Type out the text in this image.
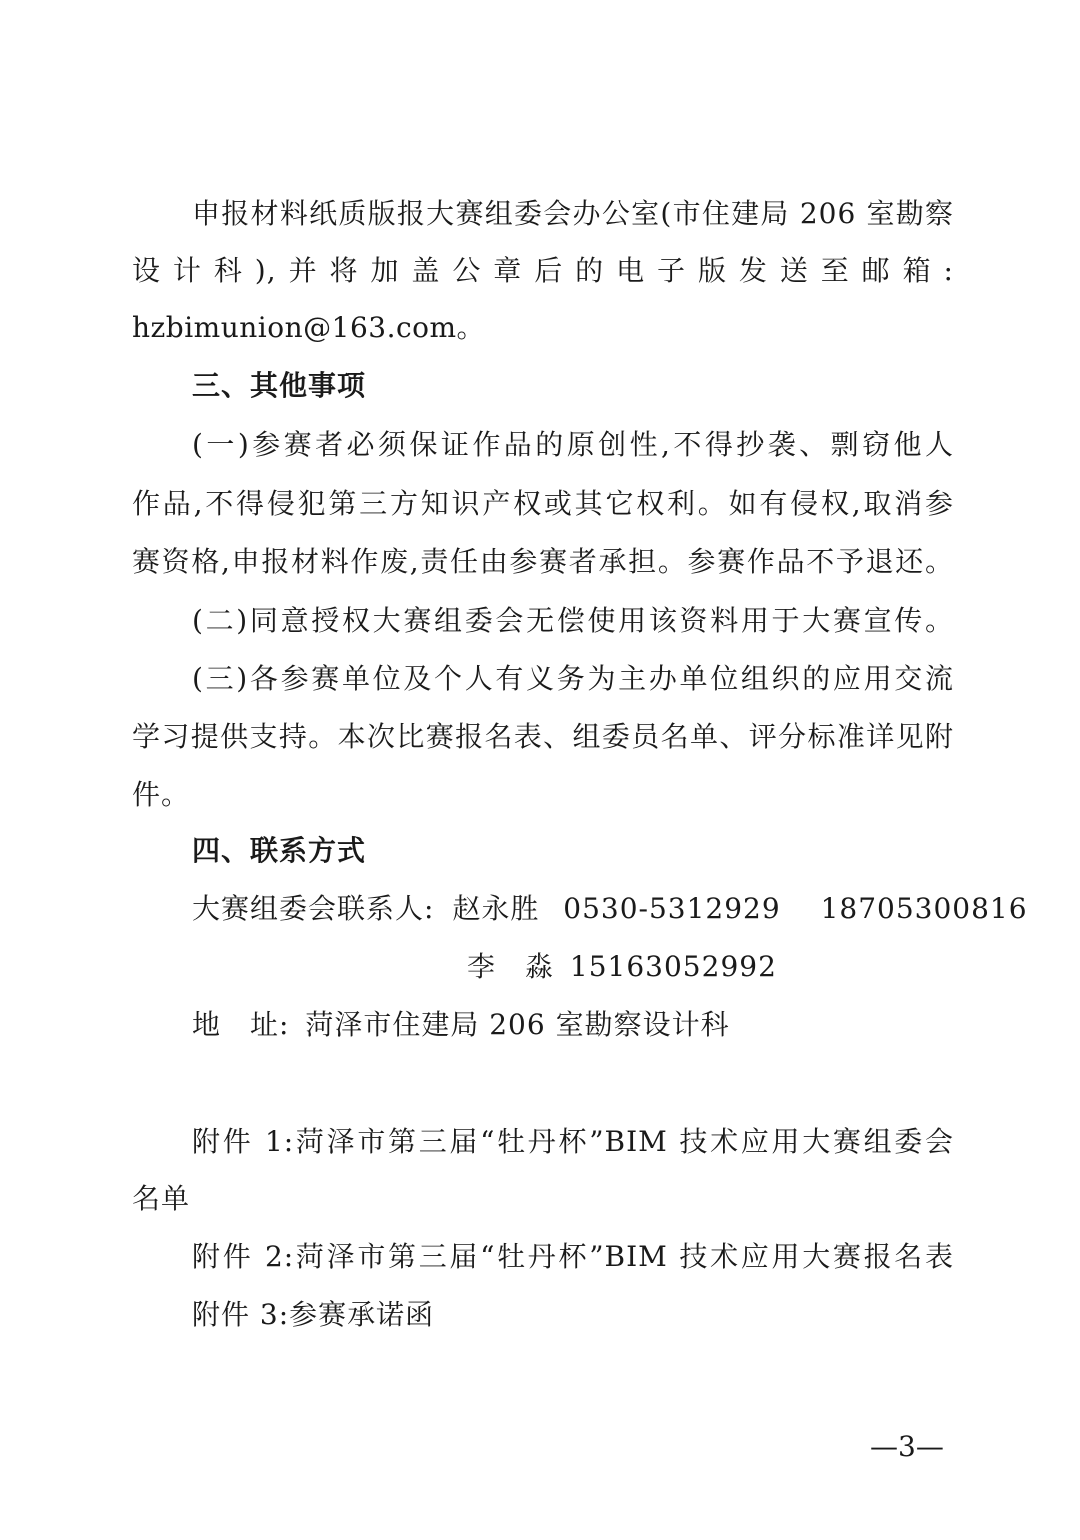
申报材料纸质版报大赛组委会办公室(市住建局 206 室勘察
设计科),并将加盖公章后的电子版发送至邮箱:
hzbimunion@163.com。
三、其他事项
(一)参赛者必须保证作品的原创性,不得抄袭、剽窃他人
作品,不得侵犯第三方知识产权或其它权利。如有侵权,取消参
赛资格,申报材料作废,责任由参赛者承担。参赛作品不予退还。
(二)同意授权大赛组委会无偿使用该资料用于大赛宣传。
(三)各参赛单位及个人有义务为主办单位组织的应用交流
学习提供支持。本次比赛报名表、组委员名单、评分标准详见附
件。
四、联系方式
大赛组委会联系人: 赵永胜 0530-5312929 18705300816
李　淼 15163052992
地　址: 菏泽市住建局 206 室勘察设计科
附件 1:菏泽市第三届“牡丹杯”BIM 技术应用大赛组委会
名单
附件 2:菏泽市第三届“牡丹杯”BIM 技术应用大赛报名表
附件 3:参赛承诺函
—3—
